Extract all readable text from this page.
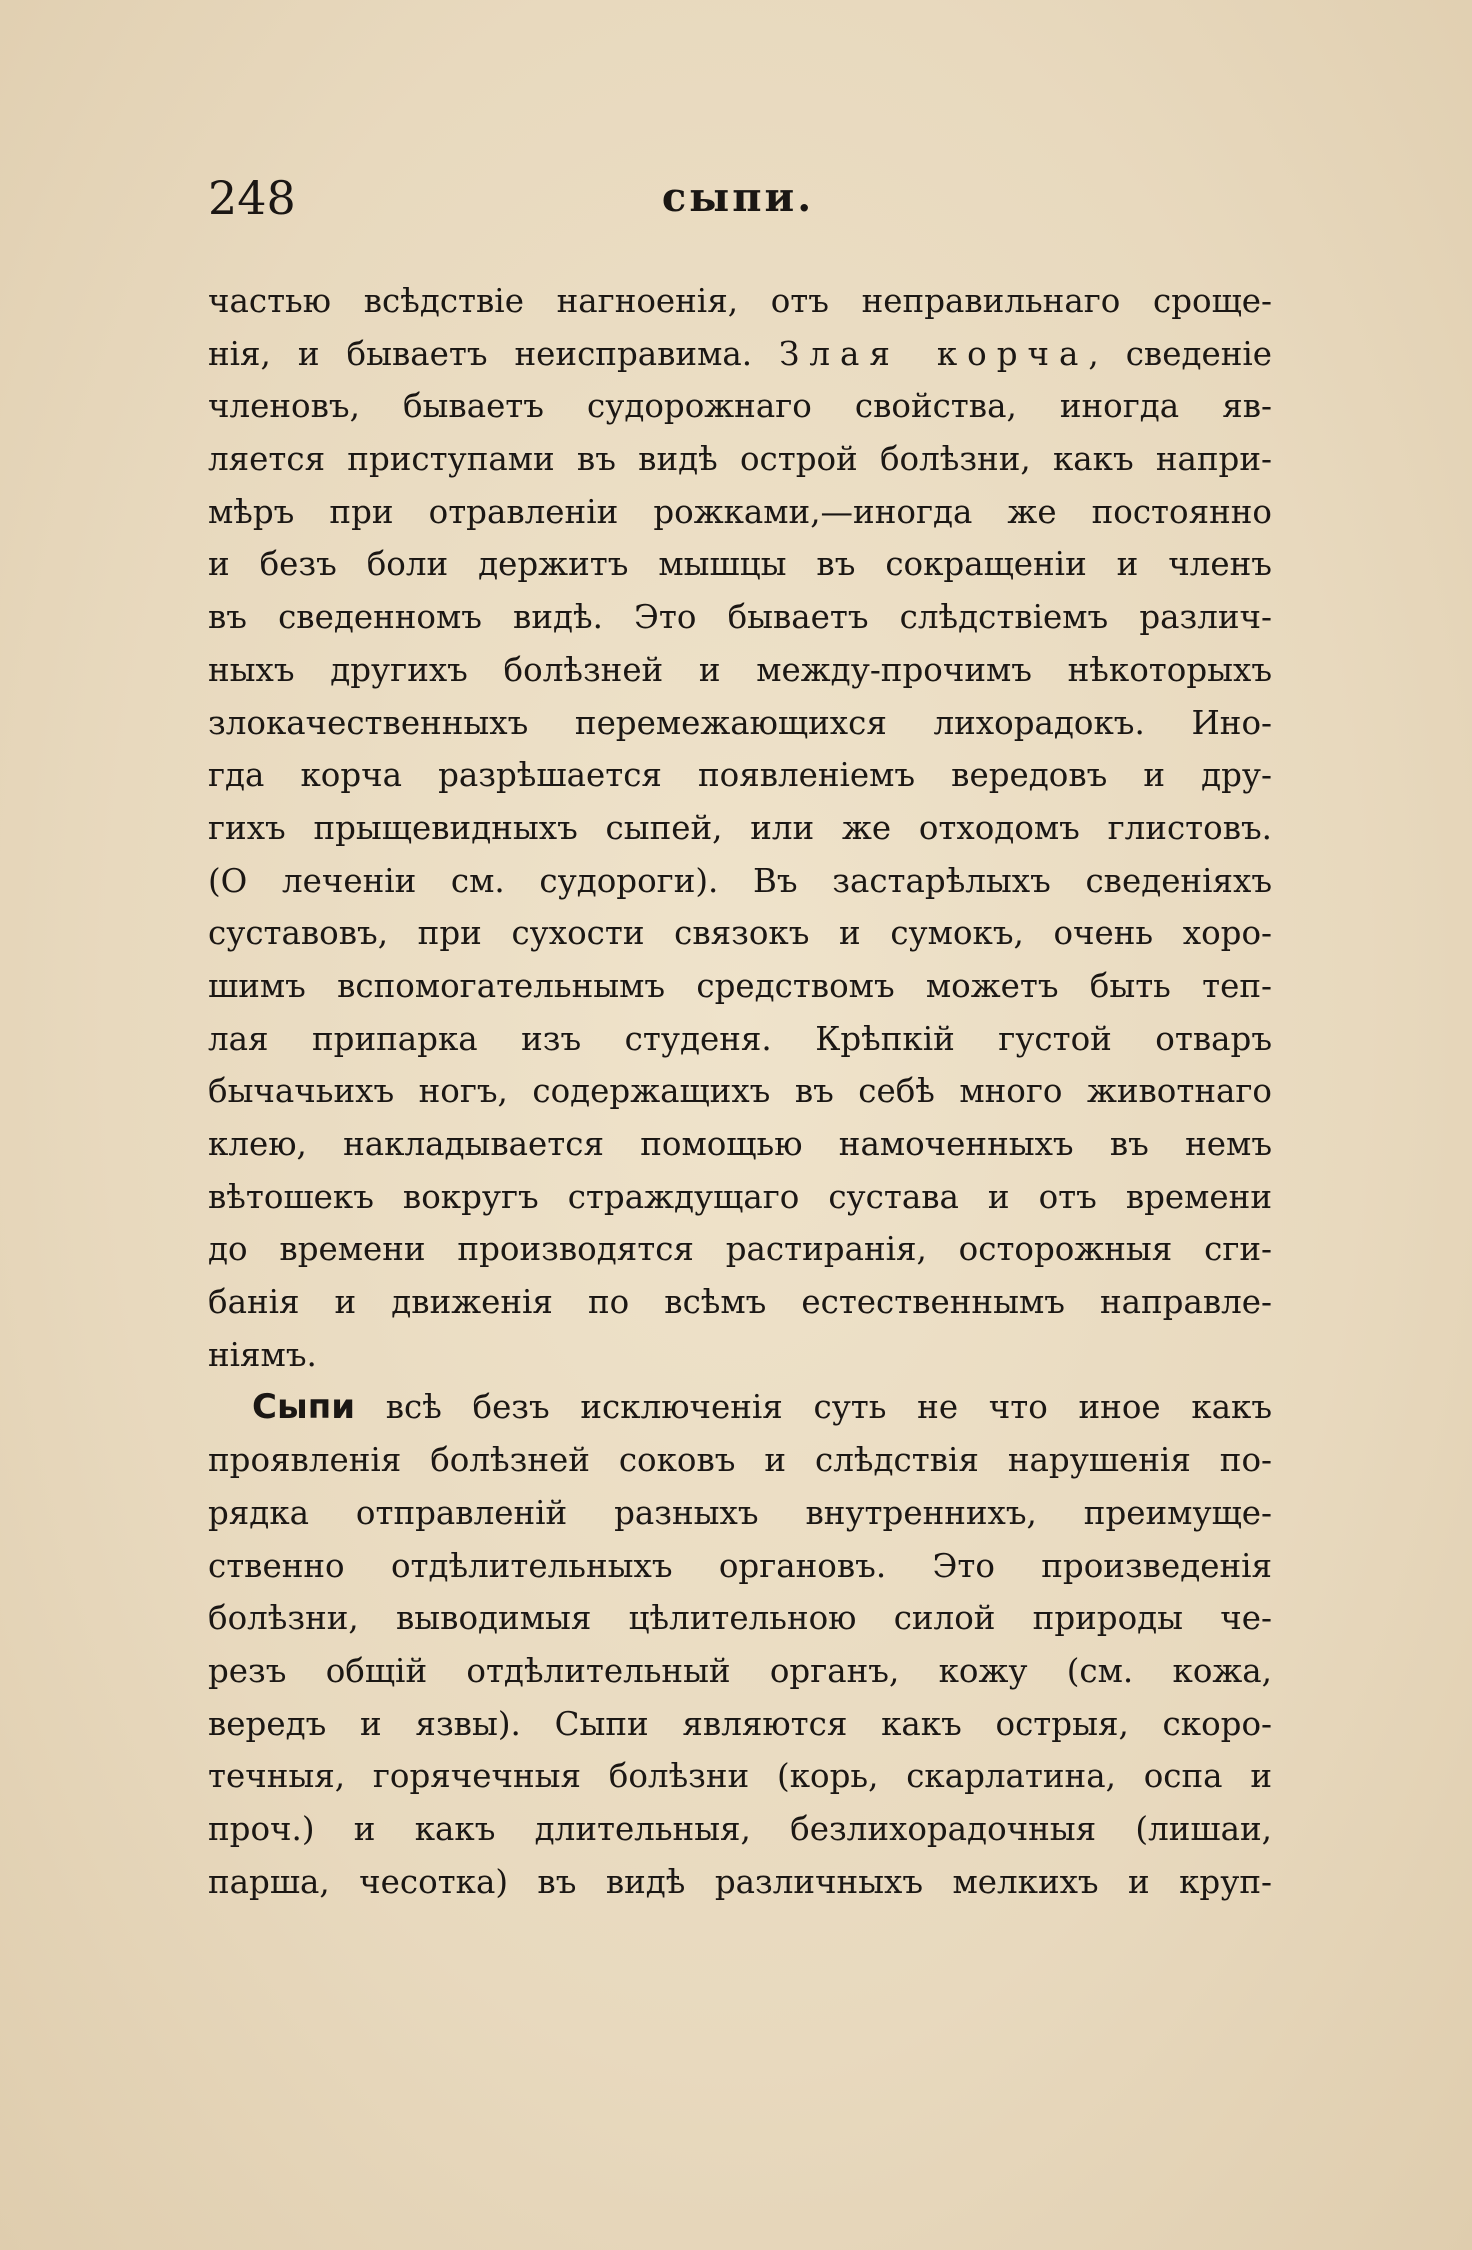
248	сыпи.
частью всѣдствіе нагноенія, отъ неправильнаго сроще-
нія, и бываетъ неисправима. Злая корча, сведеніе
членовъ, бываетъ судорожнаго свойства, иногда яв-
ляется приступами въ видѣ острой болѣзни, какъ напри-
мѣръ при отравленіи рожками,—иногда же постоянно
и безъ боли держитъ мышцы въ сокращеніи и членъ
въ сведенномъ видѣ. Это бываетъ слѣдствіемъ различ-
ныхъ другихъ болѣзней и между-прочимъ нѣкоторыхъ
злокачественныхъ перемежающихся лихорадокъ. Ино-
гда корча разрѣшается появленіемъ вередовъ и дру-
гихъ прыщевидныхъ сыпей, или же отходомъ глистовъ.
(О леченіи см. судороги). Въ застарѣлыхъ сведеніяхъ
суставовъ, при сухости связокъ и сумокъ, очень хоро-
шимъ вспомогательнымъ средствомъ можетъ быть теп-
лая припарка изъ студеня. Крѣпкій густой отваръ
бычачьихъ ногъ, содержащихъ въ себѣ много животнаго
клею, накладывается помощью намоченныхъ въ немъ
вѣтошекъ вокругъ страждущаго сустава и отъ времени
до времени производятся растиранія, осторожныя сги-
банія и движенія по всѣмъ естественнымъ направле-
ніямъ.
Сыпи всѣ безъ исключенія суть не что иное какъ
проявленія болѣзней соковъ и слѣдствія нарушенія по-
рядка отправленій разныхъ внутреннихъ, преимуще-
ственно отдѣлительныхъ органовъ. Это произведенія
болѣзни, выводимыя цѣлительною силой природы че-
резъ общій отдѣлительный органъ, кожу (см. кожа,
вередъ и язвы). Сыпи являются какъ острыя, скоро-
течныя, горячечныя болѣзни (корь, скарлатина, оспа и
проч.) и какъ длительныя, безлихорадочныя (лишаи,
парша, чесотка) въ видѣ различныхъ мелкихъ и круп-
